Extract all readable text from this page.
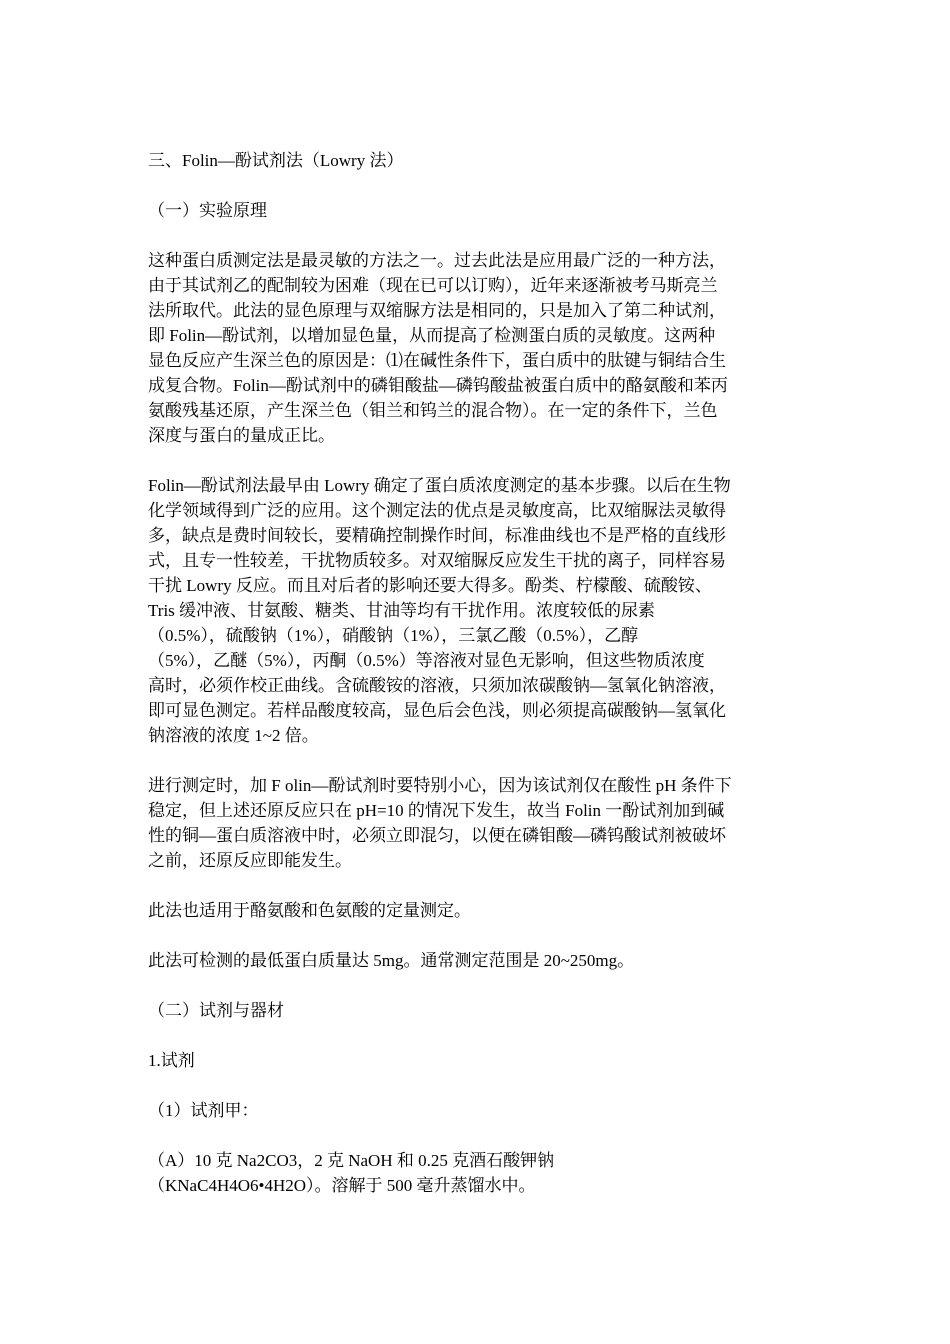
三、Folin—酚试剂法（Lowry 法）

（一）实验原理

这种蛋白质测定法是最灵敏的方法之一。过去此法是应用最广泛的一种方法，
由于其试剂乙的配制较为困难（现在已可以订购），近年来逐渐被考马斯亮兰
法所取代。此法的显色原理与双缩脲方法是相同的，只是加入了第二种试剂，
即 Folin—酚试剂，以增加显色量，从而提高了检测蛋白质的灵敏度。这两种
显色反应产生深兰色的原因是：⑴在碱性条件下，蛋白质中的肽键与铜结合生
成复合物。Folin—酚试剂中的磷钼酸盐—磷钨酸盐被蛋白质中的酪氨酸和苯丙
氨酸残基还原，产生深兰色（钼兰和钨兰的混合物）。在一定的条件下，兰色
深度与蛋白的量成正比。

Folin—酚试剂法最早由 Lowry 确定了蛋白质浓度测定的基本步骤。以后在生物
化学领域得到广泛的应用。这个测定法的优点是灵敏度高，比双缩脲法灵敏得
多，缺点是费时间较长，要精确控制操作时间，标准曲线也不是严格的直线形
式，且专一性较差，干扰物质较多。对双缩脲反应发生干扰的离子，同样容易
干扰 Lowry 反应。而且对后者的影响还要大得多。酚类、柠檬酸、硫酸铵、
Tris 缓冲液、甘氨酸、糖类、甘油等均有干扰作用。浓度较低的尿素
（0.5%），硫酸钠（1%），硝酸钠（1%），三氯乙酸（0.5%），乙醇
（5%），乙醚（5%），丙酮（0.5%）等溶液对显色无影响，但这些物质浓度
高时，必须作校正曲线。含硫酸铵的溶液，只须加浓碳酸钠—氢氧化钠溶液，
即可显色测定。若样品酸度较高，显色后会色浅，则必须提高碳酸钠—氢氧化
钠溶液的浓度 1~2 倍。

进行测定时，加 F olin—酚试剂时要特别小心，因为该试剂仅在酸性 pH 条件下
稳定，但上述还原反应只在 pH=10 的情况下发生，故当 Folin 一酚试剂加到碱
性的铜—蛋白质溶液中时，必须立即混匀，以便在磷钼酸—磷钨酸试剂被破坏
之前，还原反应即能发生。

此法也适用于酪氨酸和色氨酸的定量测定。

此法可检测的最低蛋白质量达 5mg。通常测定范围是 20~250mg。

（二）试剂与器材

1.试剂

（1）试剂甲：

（A）10 克 Na2CO3，2 克 NaOH 和 0.25 克酒石酸钾钠
（KNaC4H4O6•4H2O）。溶解于 500 毫升蒸馏水中。
